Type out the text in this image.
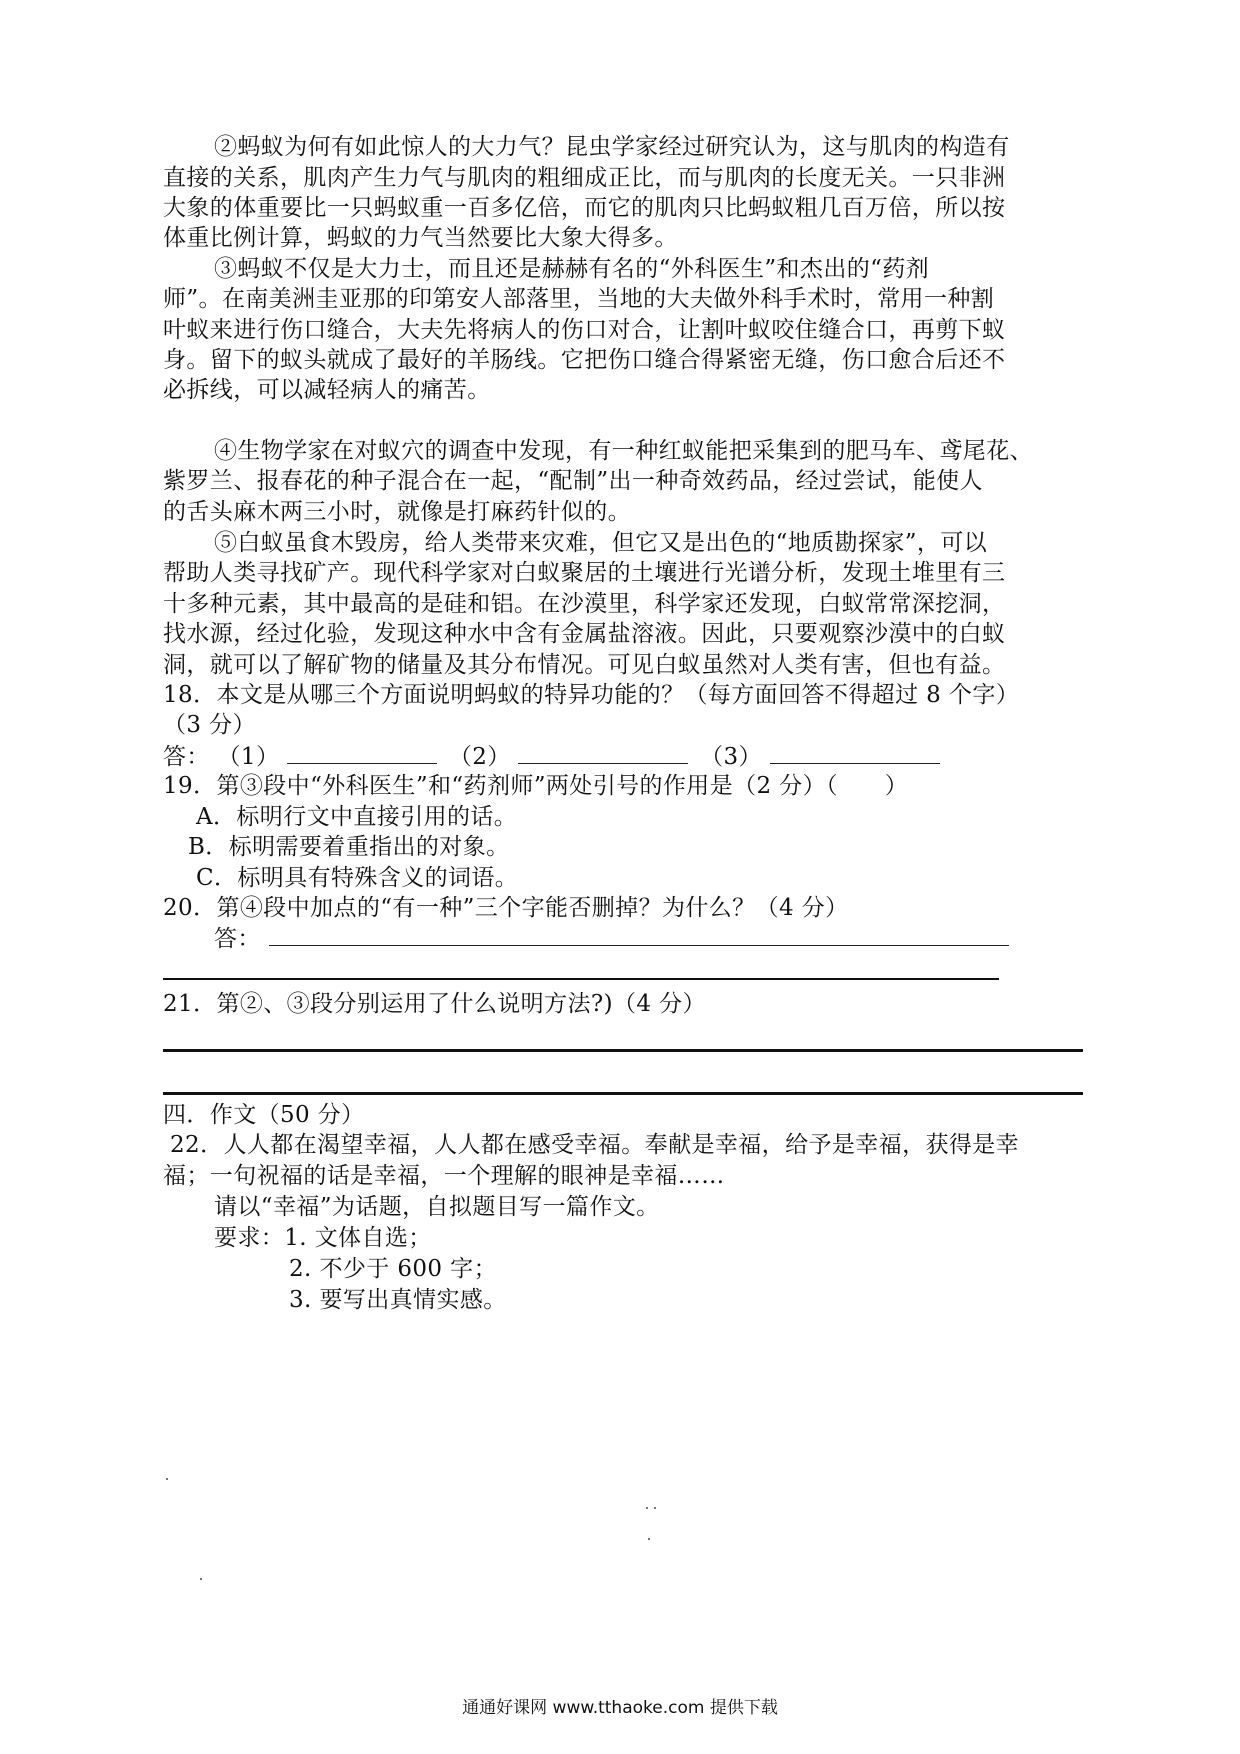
②蚂蚁为何有如此惊人的大力气？昆虫学家经过研究认为，这与肌肉的构造有
直接的关系，肌肉产生力气与肌肉的粗细成正比，而与肌肉的长度无关。一只非洲
大象的体重要比一只蚂蚁重一百多亿倍，而它的肌肉只比蚂蚁粗几百万倍，所以按
体重比例计算，蚂蚁的力气当然要比大象大得多。
③蚂蚁不仅是大力士，而且还是赫赫有名的“外科医生”和杰出的“药剂
师”。在南美洲圭亚那的印第安人部落里，当地的大夫做外科手术时，常用一种割
叶蚁来进行伤口缝合，大夫先将病人的伤口对合，让割叶蚁咬住缝合口，再剪下蚁
身。留下的蚁头就成了最好的羊肠线。它把伤口缝合得紧密无缝，伤口愈合后还不
必拆线，可以减轻病人的痛苦。
④生物学家在对蚁穴的调查中发现，有一种红蚁能把采集到的肥马车、鸢尾花、
紫罗兰、报春花的种子混合在一起，“配制”出一种奇效药品，经过尝试，能使人
的舌头麻木两三小时，就像是打麻药针似的。
⑤白蚁虽食木毁房，给人类带来灾难，但它又是出色的“地质勘探家”，可以
帮助人类寻找矿产。现代科学家对白蚁聚居的土壤进行光谱分析，发现土堆里有三
十多种元素，其中最高的是硅和铝。在沙漠里，科学家还发现，白蚁常常深挖洞，
找水源，经过化验，发现这种水中含有金属盐溶液。因此，只要观察沙漠中的白蚁
洞，就可以了解矿物的储量及其分布情况。可见白蚁虽然对人类有害，但也有益。
18．本文是从哪三个方面说明蚂蚁的特异功能的？（每方面回答不得超过 8 个字）
（3 分）
答： （1）	（2）	（3）
19．第③段中“外科医生”和“药剂师”两处引号的作用是（2 分）（　　）
A．标明行文中直接引用的话。
B．标明需要着重指出的对象。
C．标明具有特殊含义的词语。
20．第④段中加点的“有一种”三个字能否删掉？为什么？（4 分）
答：
21．第②、③段分别运用了什么说明方法?)（4 分）
四．作文（50 分）
22．人人都在渴望幸福，人人都在感受幸福。奉献是幸福，给予是幸福，获得是幸
福；一句祝福的话是幸福，一个理解的眼神是幸福……
请以“幸福”为话题，自拟题目写一篇作文。
要求：1. 文体自选；
2. 不少于 600 字；
3. 要写出真情实感。
通通好课网 www.tthaoke.com 提供下载
